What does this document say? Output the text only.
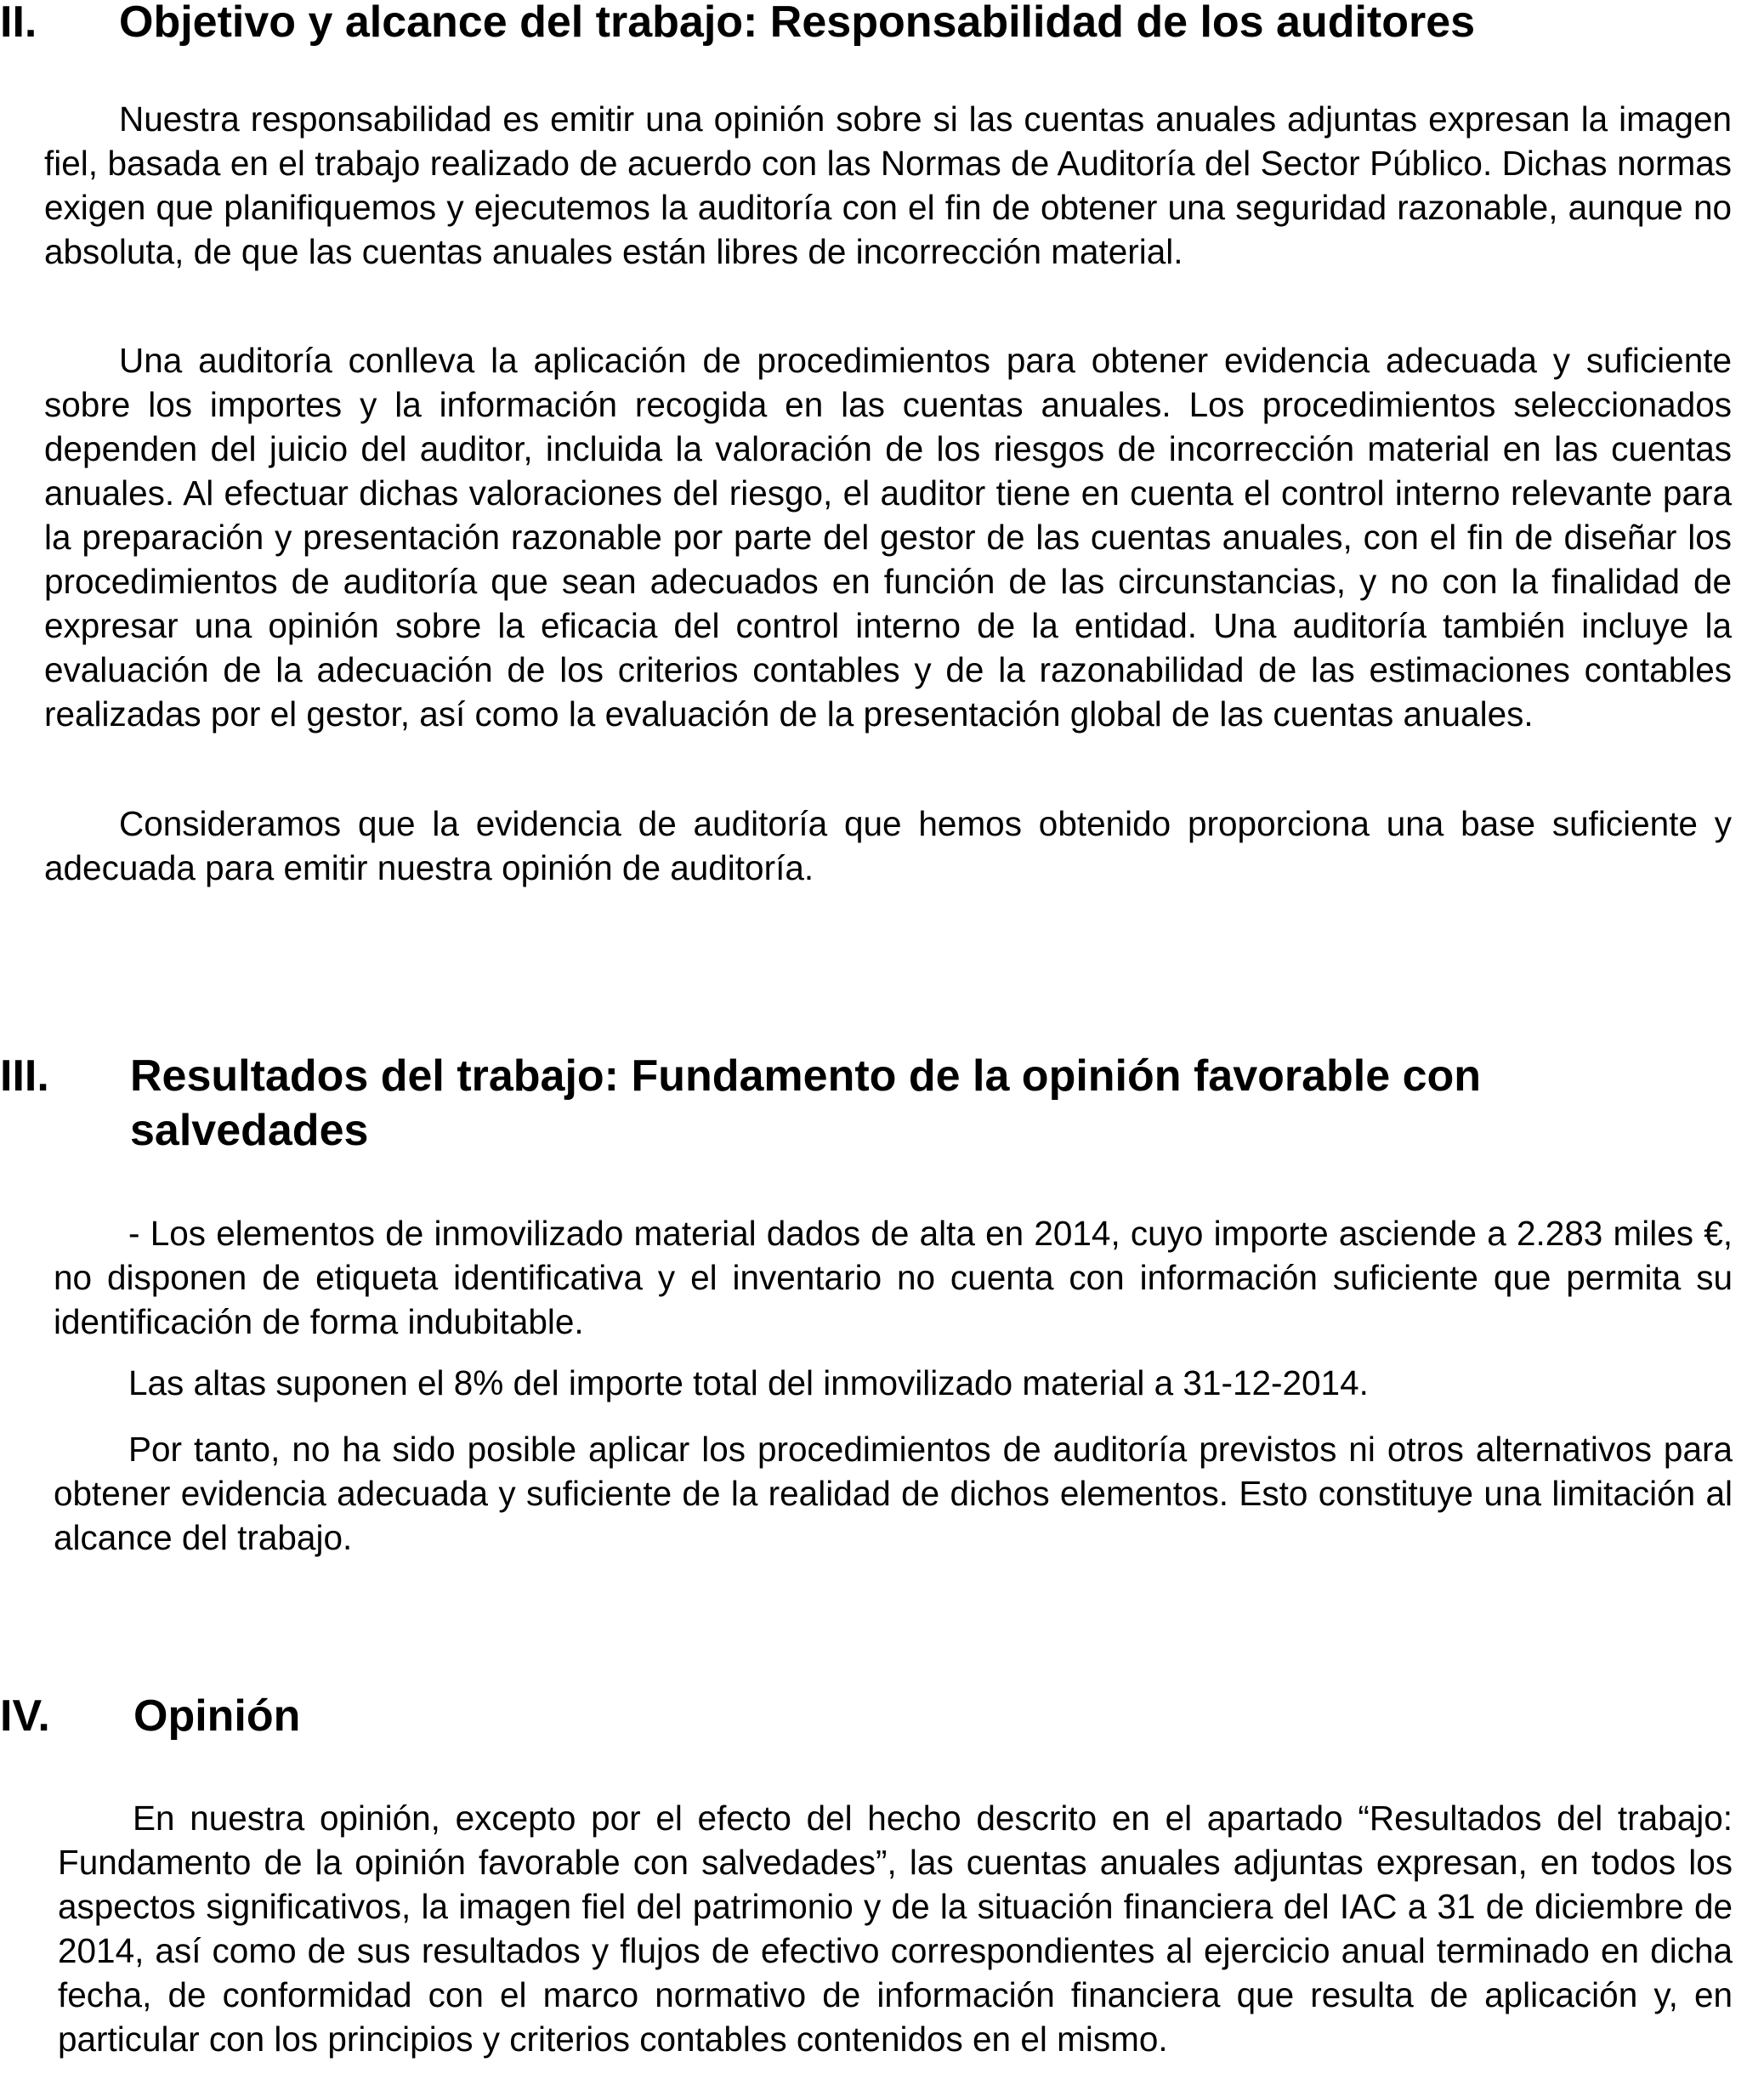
II. Objetivo y alcance del trabajo: Responsabilidad de los auditores

Nuestra responsabilidad es emitir una opinión sobre si las cuentas anuales adjuntas expresan la imagen fiel, basada en el trabajo realizado de acuerdo con las Normas de Auditoría del Sector Público. Dichas normas exigen que planifiquemos y ejecutemos la auditoría con el fin de obtener una seguridad razonable, aunque no absoluta, de que las cuentas anuales están libres de incorrección material.

Una auditoría conlleva la aplicación de procedimientos para obtener evidencia adecuada y suficiente sobre los importes y la información recogida en las cuentas anuales. Los procedimientos seleccionados dependen del juicio del auditor, incluida la valoración de los riesgos de incorrección material en las cuentas anuales. Al efectuar dichas valoraciones del riesgo, el auditor tiene en cuenta el control interno relevante para la preparación y presentación razonable por parte del gestor de las cuentas anuales, con el fin de diseñar los procedimientos de auditoría que sean adecuados en función de las circunstancias, y no con la finalidad de expresar una opinión sobre la eficacia del control interno de la entidad. Una auditoría también incluye la evaluación de la adecuación de los criterios contables y de la razonabilidad de las estimaciones contables realizadas por el gestor, así como la evaluación de la presentación global de las cuentas anuales.

Consideramos que la evidencia de auditoría que hemos obtenido proporciona una base suficiente y adecuada para emitir nuestra opinión de auditoría.

III. Resultados del trabajo: Fundamento de la opinión favorable con salvedades

- Los elementos de inmovilizado material dados de alta en 2014, cuyo importe asciende a 2.283 miles €, no disponen de etiqueta identificativa y el inventario no cuenta con información suficiente que permita su identificación de forma indubitable.

Las altas suponen el 8% del importe total del inmovilizado material a 31-12-2014.

Por tanto, no ha sido posible aplicar los procedimientos de auditoría previstos ni otros alternativos para obtener evidencia adecuada y suficiente de la realidad de dichos elementos. Esto constituye una limitación al alcance del trabajo.

IV. Opinión

En nuestra opinión, excepto por el efecto del hecho descrito en el apartado “Resultados del trabajo: Fundamento de la opinión favorable con salvedades”, las cuentas anuales adjuntas expresan, en todos los aspectos significativos, la imagen fiel del patrimonio y de la situación financiera del IAC a 31 de diciembre de 2014, así como de sus resultados y flujos de efectivo correspondientes al ejercicio anual terminado en dicha fecha, de conformidad con el marco normativo de información financiera que resulta de aplicación y, en particular con los principios y criterios contables contenidos en el mismo.
